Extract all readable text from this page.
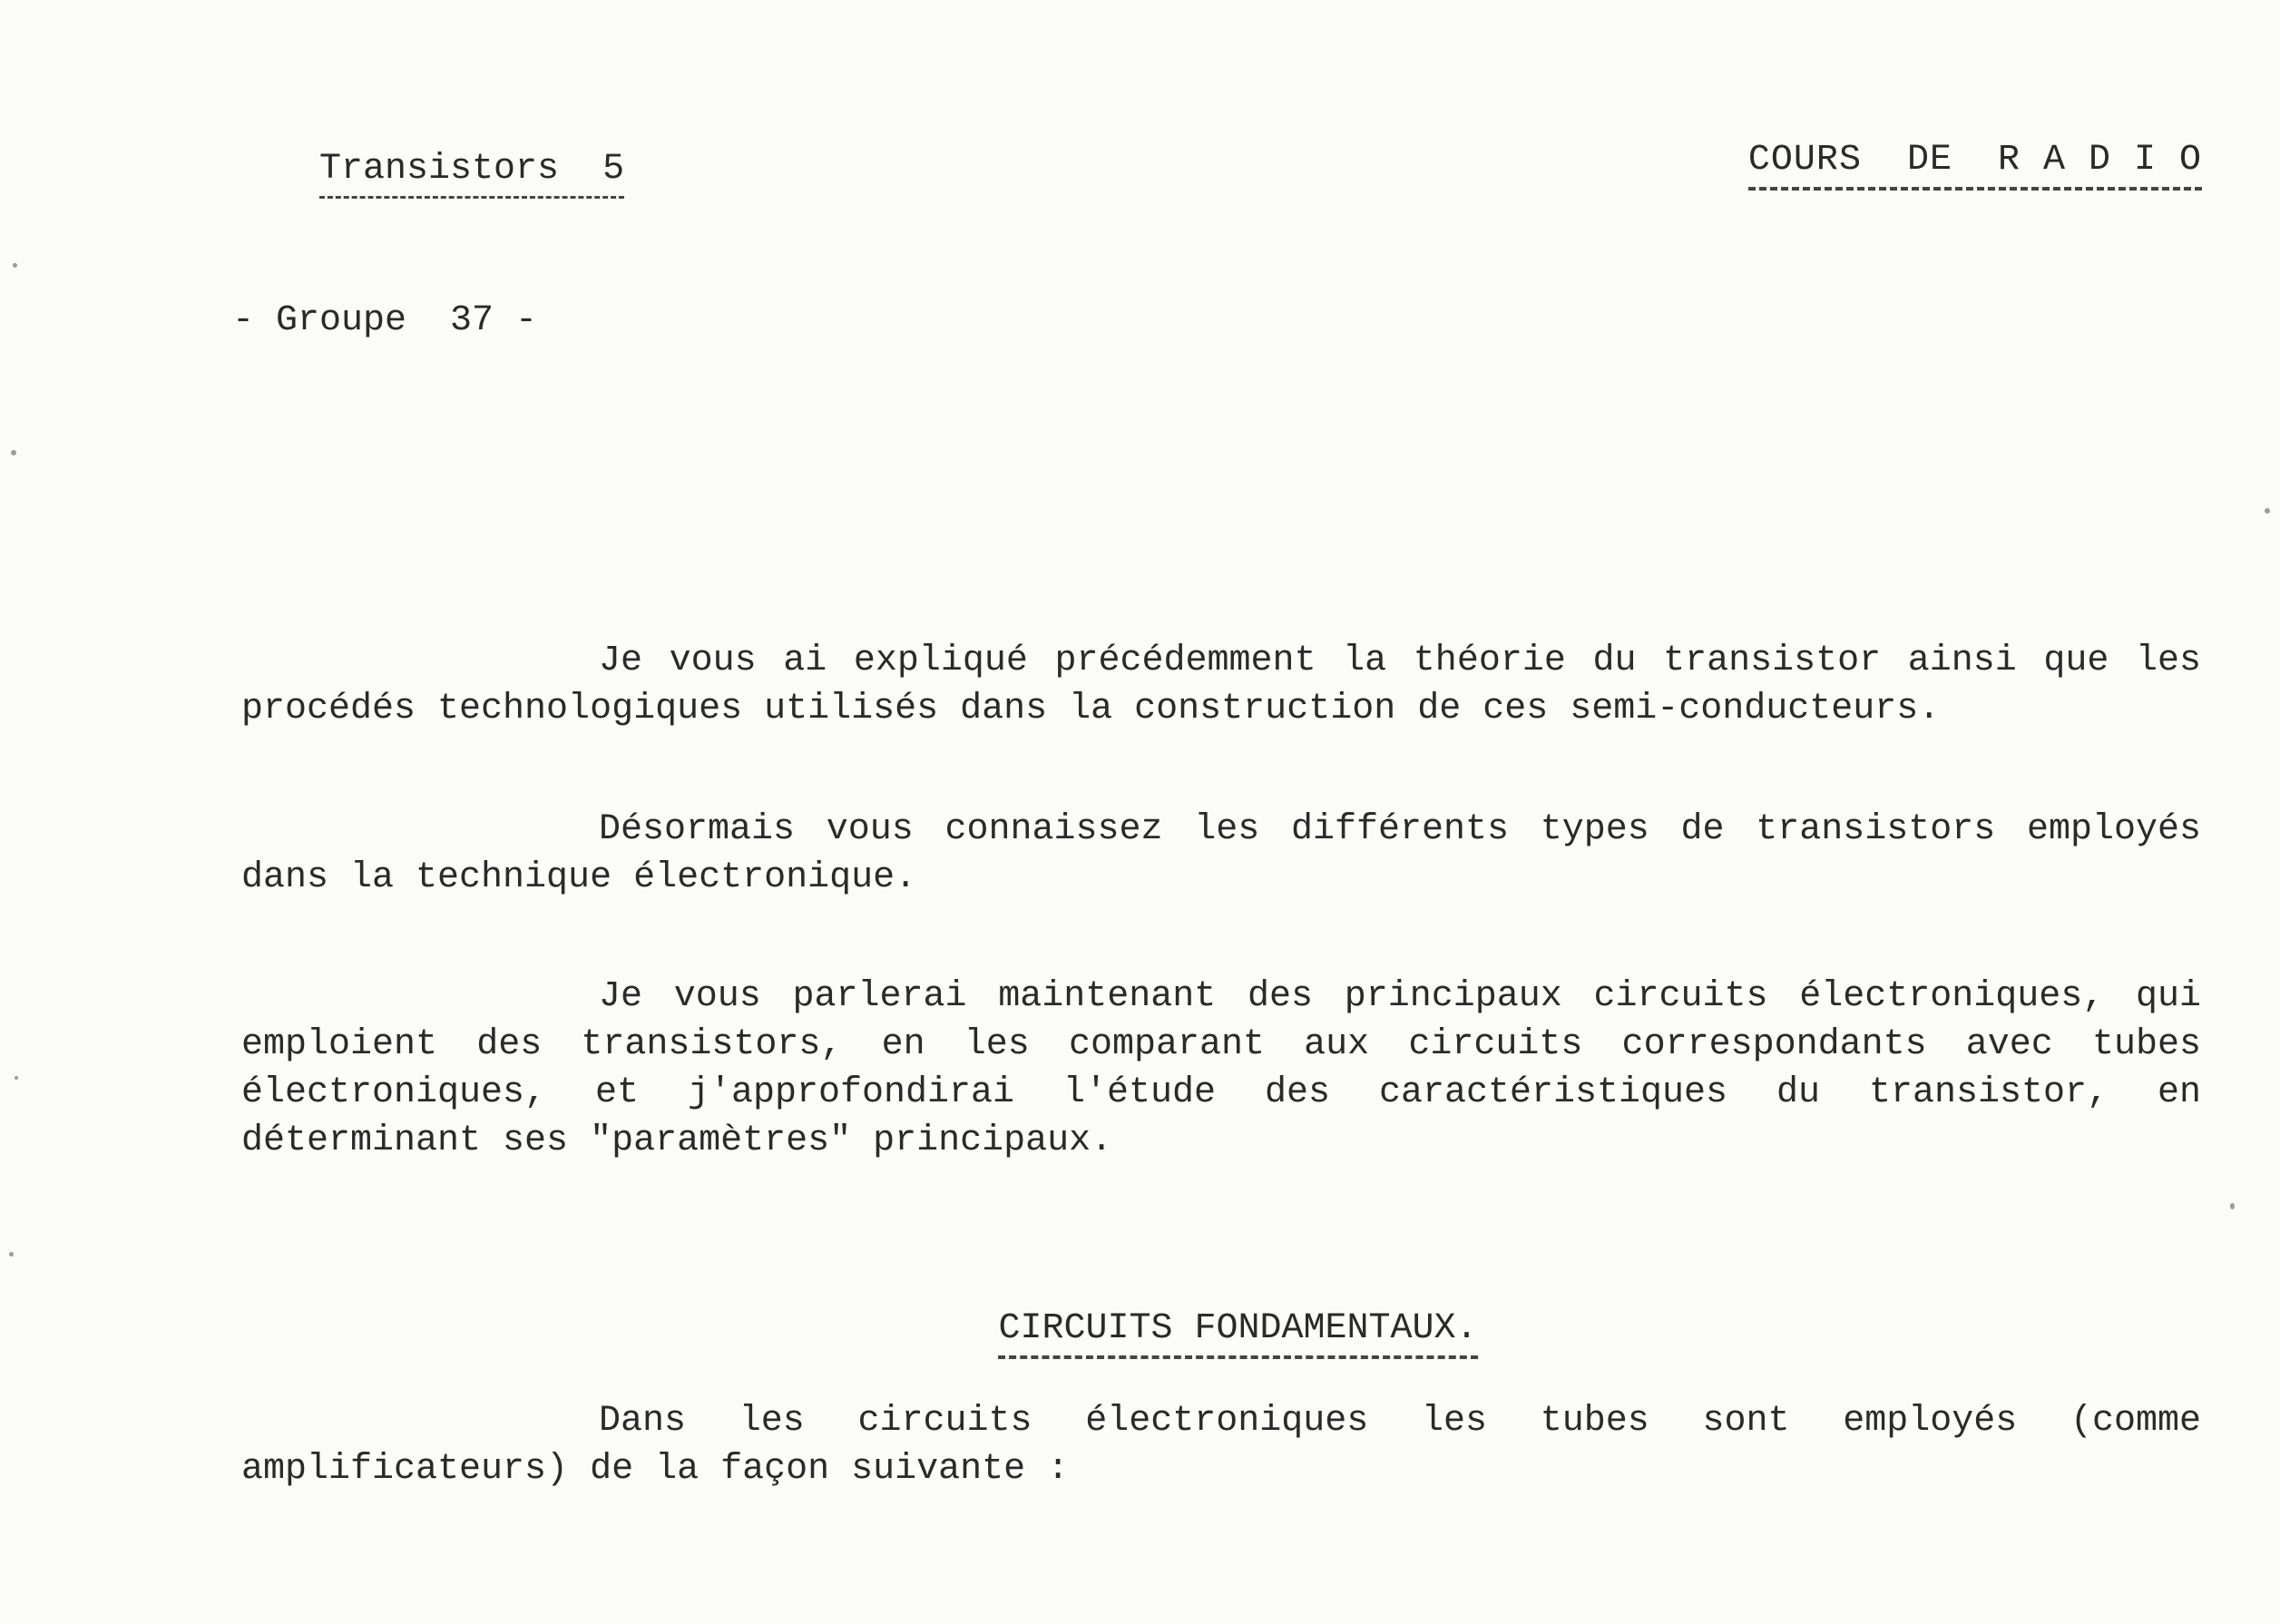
Transistors  5

- Groupe  37 -

COURS  DE  R A D I O

Je vous ai expliqué précédemment la théorie du transistor ainsi que les procédés technologiques utilisés dans la construction de ces semi-conducteurs.

Désormais vous connaissez les différents types de transistors employés dans la technique électronique.

Je vous parlerai maintenant des principaux circuits électroniques, qui emploient des transistors, en les comparant aux circuits correspondants avec tubes électroniques, et j'approfondirai l'étude des caractéristiques du transistor, en déterminant ses "paramètres" principaux.

CIRCUITS FONDAMENTAUX.

Dans les circuits électroniques les tubes sont employés (comme amplificateurs) de la façon suivante :
